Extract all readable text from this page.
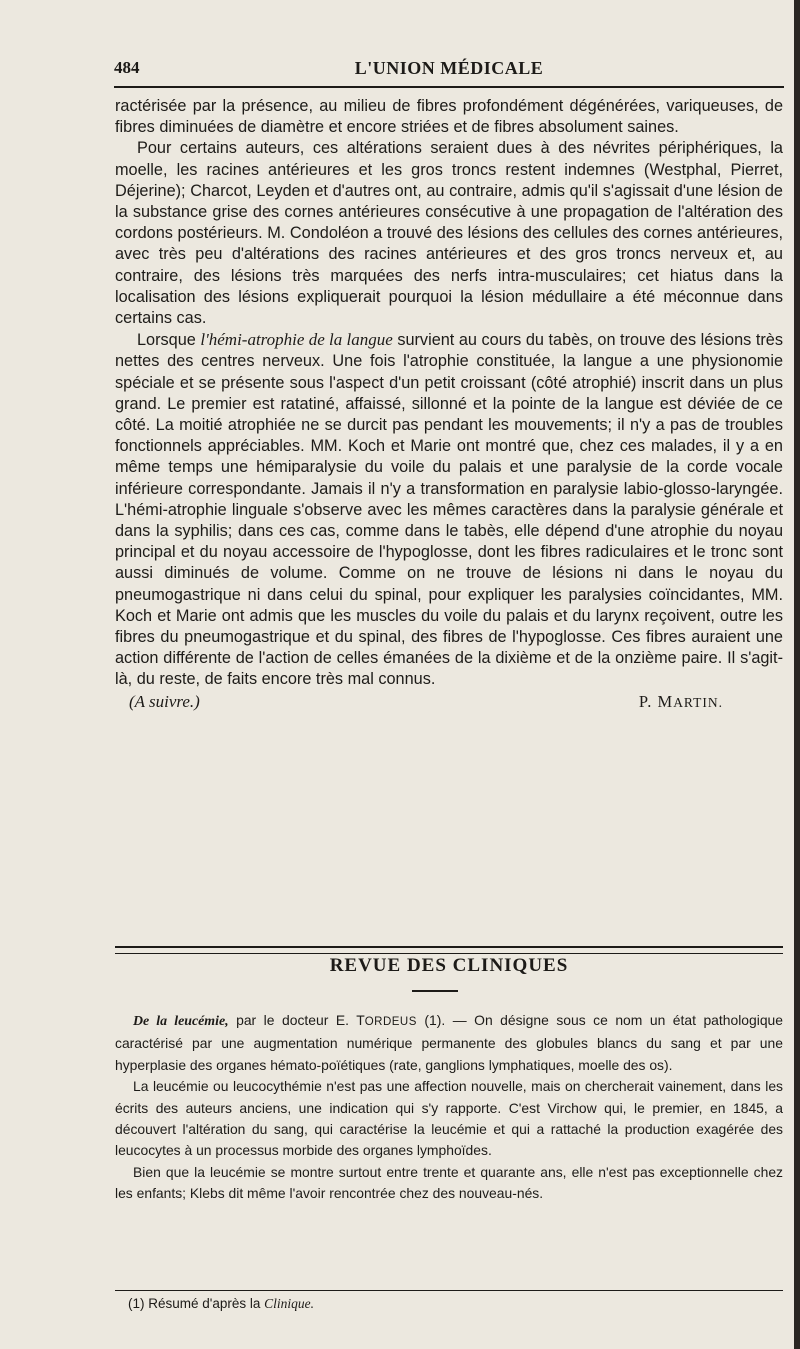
484	L'UNION MÉDICALE

ractérisée par la présence, au milieu de fibres profondément dégénérées, variqueuses, de fibres diminuées de diamètre et encore striées et de fibres absolument saines.

Pour certains auteurs, ces altérations seraient dues à des névrites périphériques, la moelle, les racines antérieures et les gros troncs restent indemnes (Westphal, Pierret, Déjerine); Charcot, Leyden et d'autres ont, au contraire, admis qu'il s'agissait d'une lésion de la substance grise des cornes antérieures consécutive à une propagation de l'altération des cordons postérieurs. M. Condoléon a trouvé des lésions des cellules des cornes antérieures, avec très peu d'altérations des racines antérieures et des gros troncs nerveux et, au contraire, des lésions très marquées des nerfs intra-musculaires; cet hiatus dans la localisation des lésions expliquerait pourquoi la lésion médullaire a été méconnue dans certains cas.

Lorsque l'hémi-atrophie de la langue survient au cours du tabès, on trouve des lésions très nettes des centres nerveux. Une fois l'atrophie constituée, la langue a une physionomie spéciale et se présente sous l'aspect d'un petit croissant (côté atrophié) inscrit dans un plus grand. Le premier est ratatiné, affaissé, sillonné et la pointe de la langue est déviée de ce côté. La moitié atrophiée ne se durcit pas pendant les mouvements; il n'y a pas de troubles fonctionnels appréciables. MM. Koch et Marie ont montré que, chez ces malades, il y a en même temps une hémiparalysie du voile du palais et une paralysie de la corde vocale inférieure correspondante. Jamais il n'y a transformation en paralysie labio-glosso-laryngée. L'hémi-atrophie linguale s'observe avec les mêmes caractères dans la paralysie générale et dans la syphilis; dans ces cas, comme dans le tabès, elle dépend d'une atrophie du noyau principal et du noyau accessoire de l'hypoglosse, dont les fibres radiculaires et le tronc sont aussi diminués de volume. Comme on ne trouve de lésions ni dans le noyau du pneumogastrique ni dans celui du spinal, pour expliquer les paralysies coïncidantes, MM. Koch et Marie ont admis que les muscles du voile du palais et du larynx reçoivent, outre les fibres du pneumogastrique et du spinal, des fibres de l'hypoglosse. Ces fibres auraient une action différente de l'action de celles émanées de la dixième et de la onzième paire. Il s'agit-là, du reste, de faits encore très mal connus.

(A suivre.)	P. MARTIN.
REVUE DES CLINIQUES

De la leucémie, par le docteur E. TORDEUS (1). — On désigne sous ce nom un état pathologique caractérisé par une augmentation numérique permanente des globules blancs du sang et par une hyperplasie des organes hémato-poïétiques (rate, ganglions lymphatiques, moelle des os).

La leucémie ou leucocythémie n'est pas une affection nouvelle, mais on chercherait vainement, dans les écrits des auteurs anciens, une indication qui s'y rapporte. C'est Virchow qui, le premier, en 1845, a découvert l'altération du sang, qui caractérise la leucémie et qui a rattaché la production exagérée des leucocytes à un processus morbide des organes lymphoïdes.

Bien que la leucémie se montre surtout entre trente et quarante ans, elle n'est pas exceptionnelle chez les enfants; Klebs dit même l'avoir rencontrée chez des nouveau-nés.

(1) Résumé d'après la Clinique.
